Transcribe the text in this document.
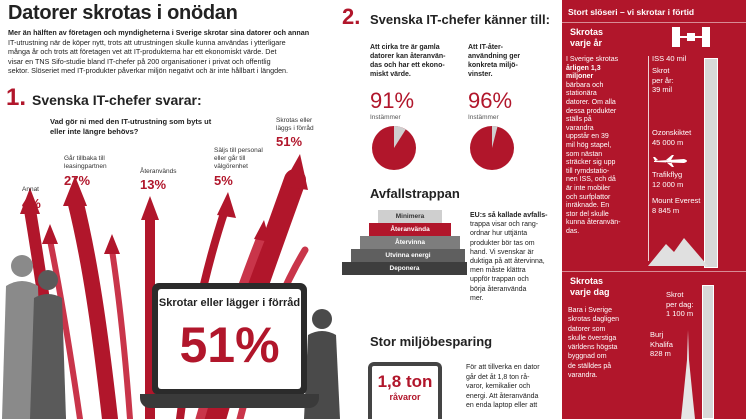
Datorer skrotas i onödan
Mer än hälften av företagen och myndigheterna i Sverige skrotar sina datorer och annan
IT-utrustning när de köper nytt, trots att utrustningen skulle kunna användas i ytterligare
många år och trots att företagen vet att IT-produkterna har ett ekonomiskt värde. Det
visar en TNS Sifo-studie bland IT-chefer på 200 organisationer i privat och offentlig
sektor. Slöseriet med IT-produkter påverkar miljön negativt och är inte hållbart i längden.
1. Svenska IT-chefer svarar:
Vad gör ni med den IT-utrustning som byts ut
eller inte längre behövs?
Annat
4%
Går tillbaka till
leasingpartnen
27%
Återanvänds
13%
Säljs till personal
eller går till
välgörenhet
5%
Skrotas eller
läggs i förråd
51%
Skrotar eller lägger i förråd
51%
2. Svenska IT-chefer känner till:
Att cirka tre är gamla
datorer kan återanvän-
das och har ett ekono-
miskt värde.
91%
Instämmer
Att IT-åter-
användning ger
konkreta miljö-
vinster.
96%
Instämmer
Avfallstrappan
Minimera
Återanvända
Återvinna
Utvinna energi
Deponera
EU:s så kallade avfalls-
trappa visar och rang-
ordnar hur uttjänta
produkter bör tas om
hand. Vi svenskar är
duktiga på att återvinna,
men måste klättra
uppför trappan och
börja återanvända
mer.
Stor miljöbesparing
1,8 ton
råvaror
För att tillverka en dator
går det åt 1,8 ton rå-
varor, kemikalier och
energi. Att återanvända
en enda laptop eller att
Stort slöseri – vi skrotar i förtid
Skrotas
varje år
I Sverige skrotas
årligen 1,3
miljoner
bärbara och
stationära
datorer. Om alla
dessa produkter
ställs på
varandra
uppstår en 39
mil hög stapel,
som nästan
sträcker sig upp
till rymdstatio-
nen ISS, och då
är inte mobiler
och surfplattor
inräknade. En
stor del skulle
kunna återanvän-
das.
ISS 40 mil
Skrot
per år:
39 mil
Ozonskiktet
45 000 m
Trafikflyg
12 000 m
Mount Everest
8 845 m
Skrotas
varje dag
Bara i Sverige
skrotas dagligen
datorer som
skulle överstiga
världens högsta
byggnad om
de ställdes på
varandra.
Skrot
per dag:
1 100 m
Burj
Khalifa
828 m
